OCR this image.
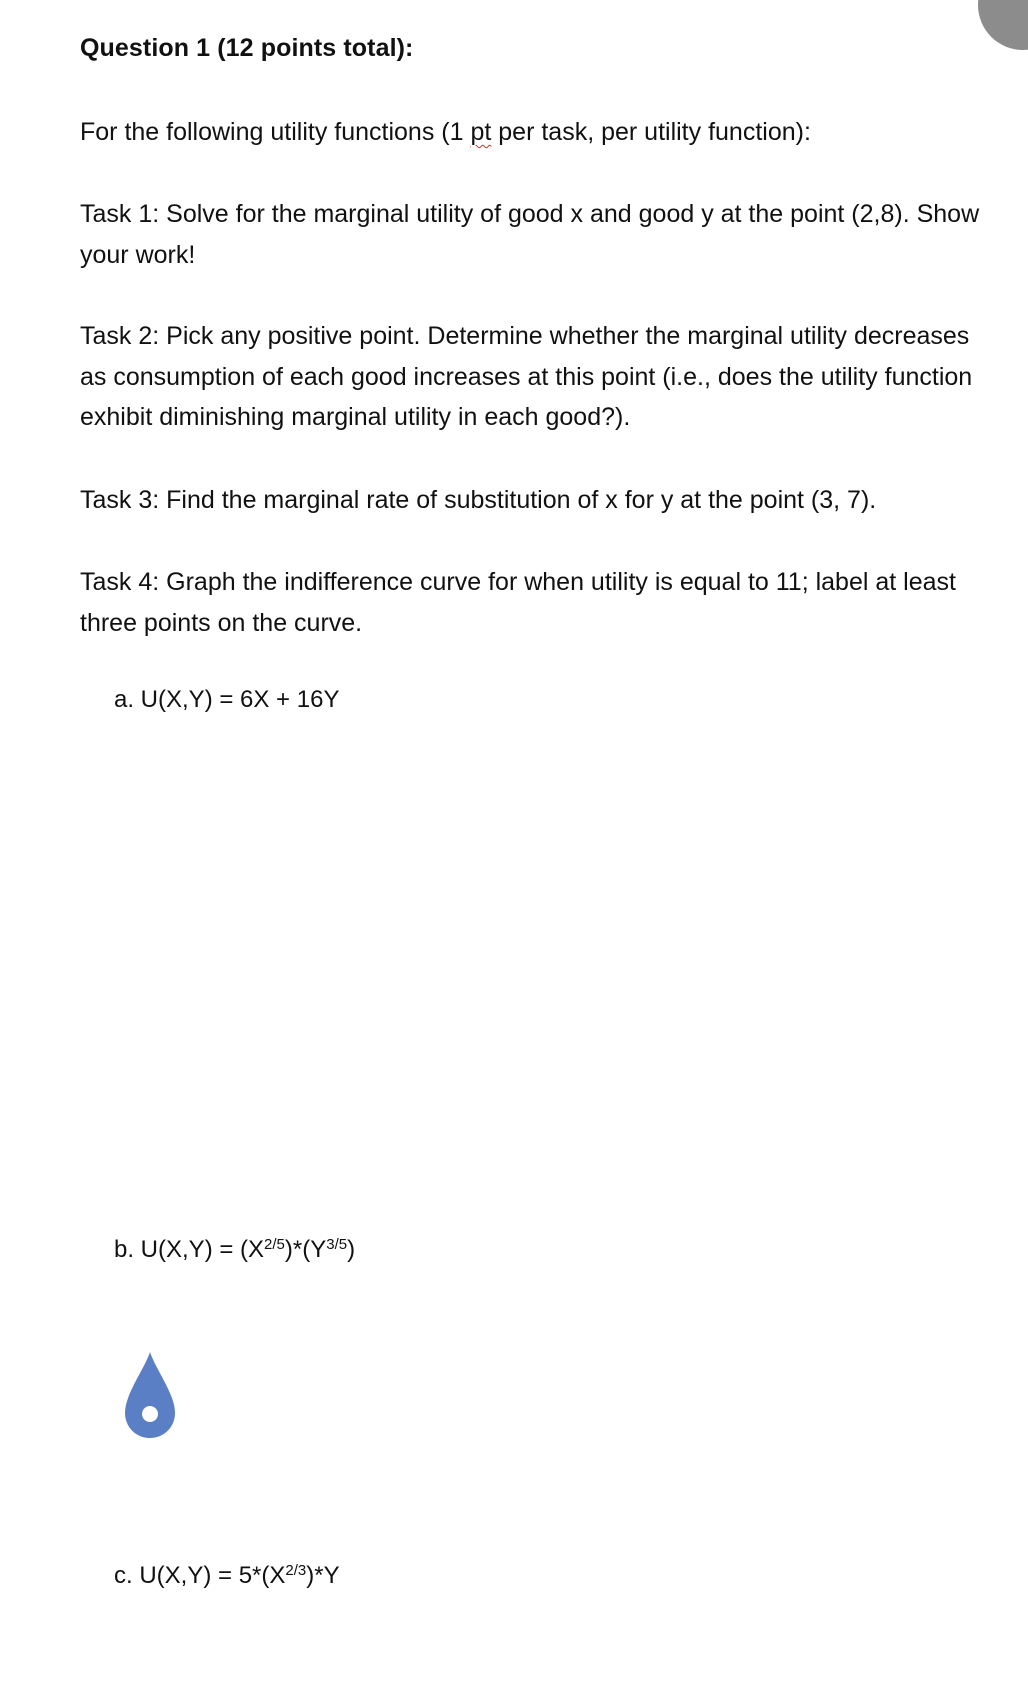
Question 1 (12 points total):
For the following utility functions (1 pt per task, per utility function):
Task 1: Solve for the marginal utility of good x and good y at the point (2,8). Show your work!
Task 2: Pick any positive point. Determine whether the marginal utility decreases as consumption of each good increases at this point (i.e., does the utility function exhibit diminishing marginal utility in each good?).
Task 3: Find the marginal rate of substitution of x for y at the point (3, 7).
Task 4: Graph the indifference curve for when utility is equal to 11; label at least three points on the curve.
a. U(X,Y) = 6X + 16Y
b. $U(X,Y) = (X^{2/5})*(Y^{3/5})$
c. $U(X,Y) = 5*(X^{2/3})*Y$
